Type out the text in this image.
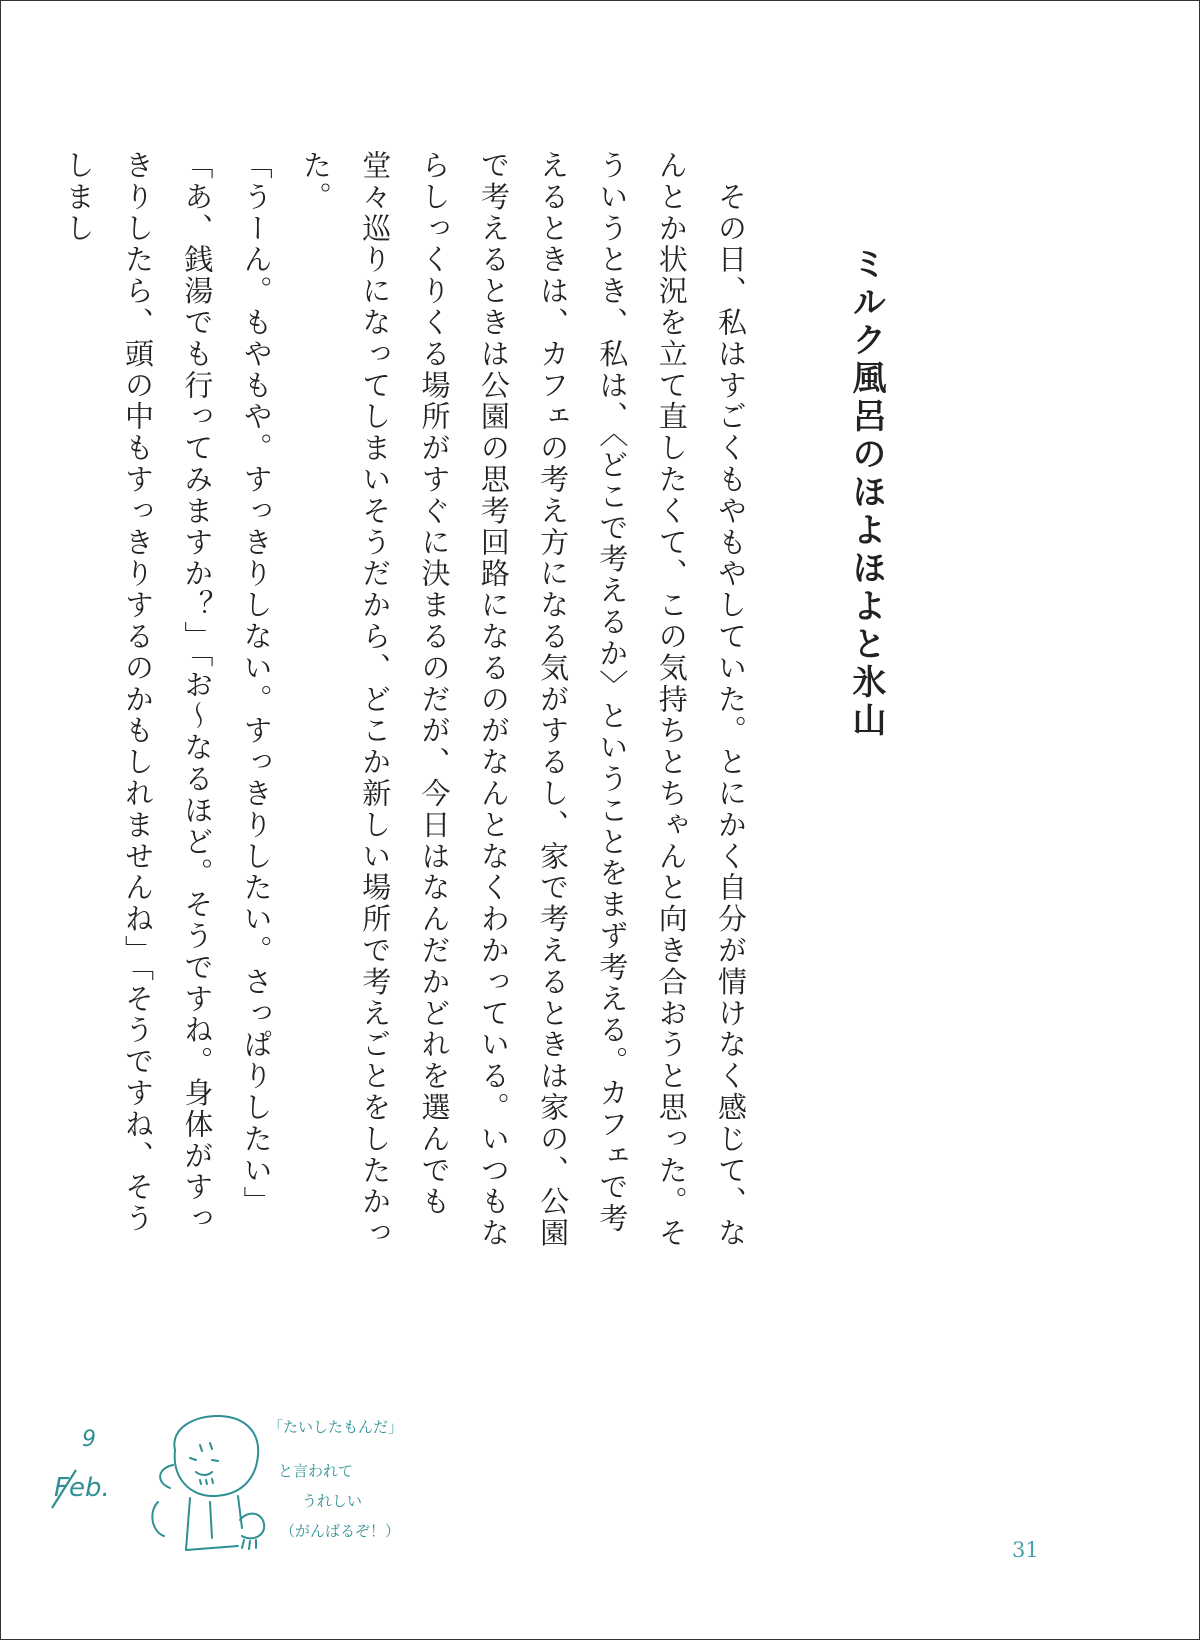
ミルク風呂のほよほよと氷山
　その日、私はすごくもやもやしていた。とにかく自分が情けなく感じて、なんとか状況を立て直したくて、この気持ちとちゃんと向き合おうと思った。そういうとき、私は、〈どこで考えるか〉ということをまず考える。カフェで考えるときは、カフェの考え方になる気がするし、家で考えるときは家の、公園で考えるときは公園の思考回路になるのがなんとなくわかっている。いつもならしっくりくる場所がすぐに決まるのだが、今日はなんだかどれを選んでも堂々巡りになってしまいそうだから、どこか新しい場所で考えごとをしたかった。
「うーん。もやもや。すっきりしない。すっきりしたい。さっぱりしたい」「あ、銭湯でも行ってみますか？」「お～なるほど。そうですね。身体がすっきりしたら、頭の中もすっきりするのかもしれませんね」「そうですね、そうしまし
9
Feb.
「たいしたもんだ」
と言われて
うれしい
（がんばるぞ！）
31
